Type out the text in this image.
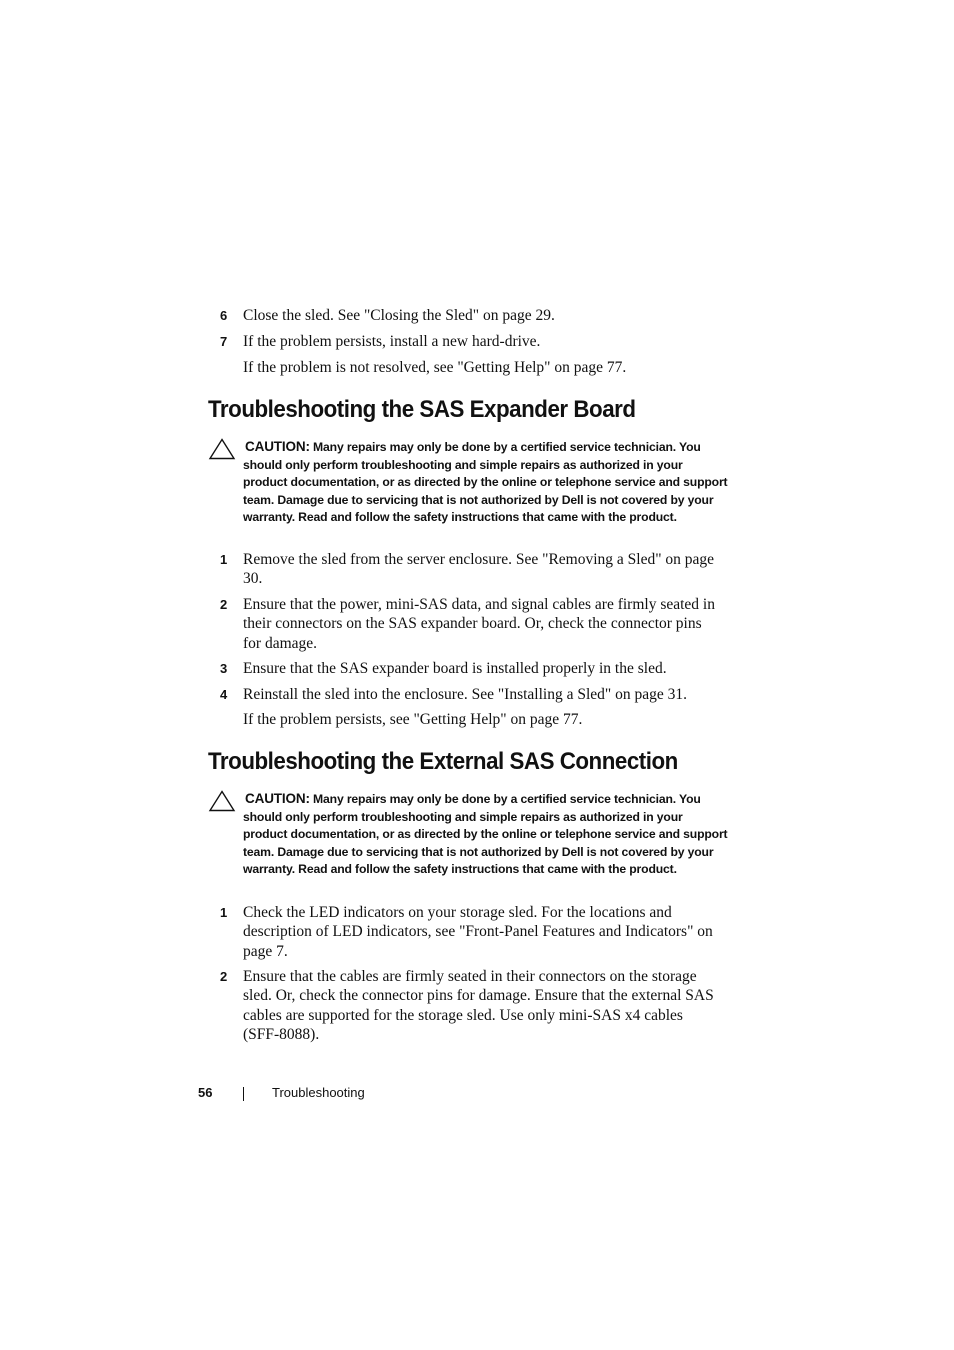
6 Close the sled. See "Closing the Sled" on page 29.
7 If the problem persists, install a new hard-drive.
If the problem is not resolved, see "Getting Help" on page 77.
Troubleshooting the SAS Expander Board
CAUTION: Many repairs may only be done by a certified service technician. You should only perform troubleshooting and simple repairs as authorized in your product documentation, or as directed by the online or telephone service and support team. Damage due to servicing that is not authorized by Dell is not covered by your warranty. Read and follow the safety instructions that came with the product.
1 Remove the sled from the server enclosure. See "Removing a Sled" on page 30.
2 Ensure that the power, mini-SAS data, and signal cables are firmly seated in their connectors on the SAS expander board. Or, check the connector pins for damage.
3 Ensure that the SAS expander board is installed properly in the sled.
4 Reinstall the sled into the enclosure. See "Installing a Sled" on page 31.
If the problem persists, see "Getting Help" on page 77.
Troubleshooting the External SAS Connection
CAUTION: Many repairs may only be done by a certified service technician. You should only perform troubleshooting and simple repairs as authorized in your product documentation, or as directed by the online or telephone service and support team. Damage due to servicing that is not authorized by Dell is not covered by your warranty. Read and follow the safety instructions that came with the product.
1 Check the LED indicators on your storage sled. For the locations and description of LED indicators, see "Front-Panel Features and Indicators" on page 7.
2 Ensure that the cables are firmly seated in their connectors on the storage sled. Or, check the connector pins for damage. Ensure that the external SAS cables are supported for the storage sled. Use only mini-SAS x4 cables (SFF-8088).
56	Troubleshooting
